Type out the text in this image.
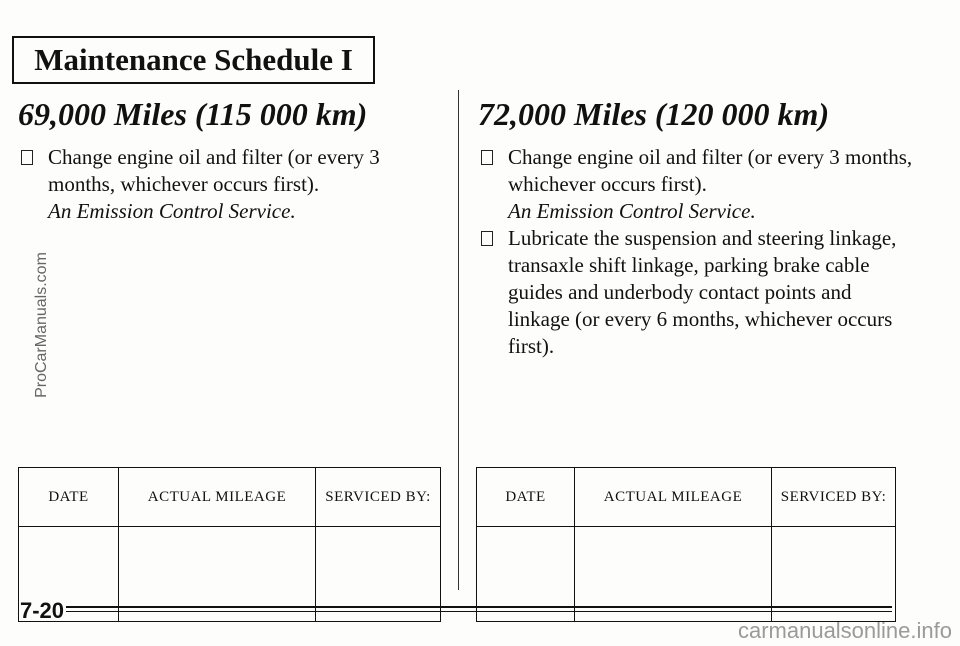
Maintenance Schedule I
69,000 Miles (115 000 km)
Change engine oil and filter (or every 3 months, whichever occurs first).
An Emission Control Service.
72,000 Miles (120 000 km)
Change engine oil and filter (or every 3 months, whichever occurs first).
An Emission Control Service.
Lubricate the suspension and steering linkage, transaxle shift linkage, parking brake cable guides and underbody contact points and linkage (or every 6 months, whichever occurs first).
DATE	ACTUAL MILEAGE	SERVICED BY:
			DATE	ACTUAL MILEAGE	SERVICED BY:

ProCarManuals.com
7-20
carmanualsonline.info
